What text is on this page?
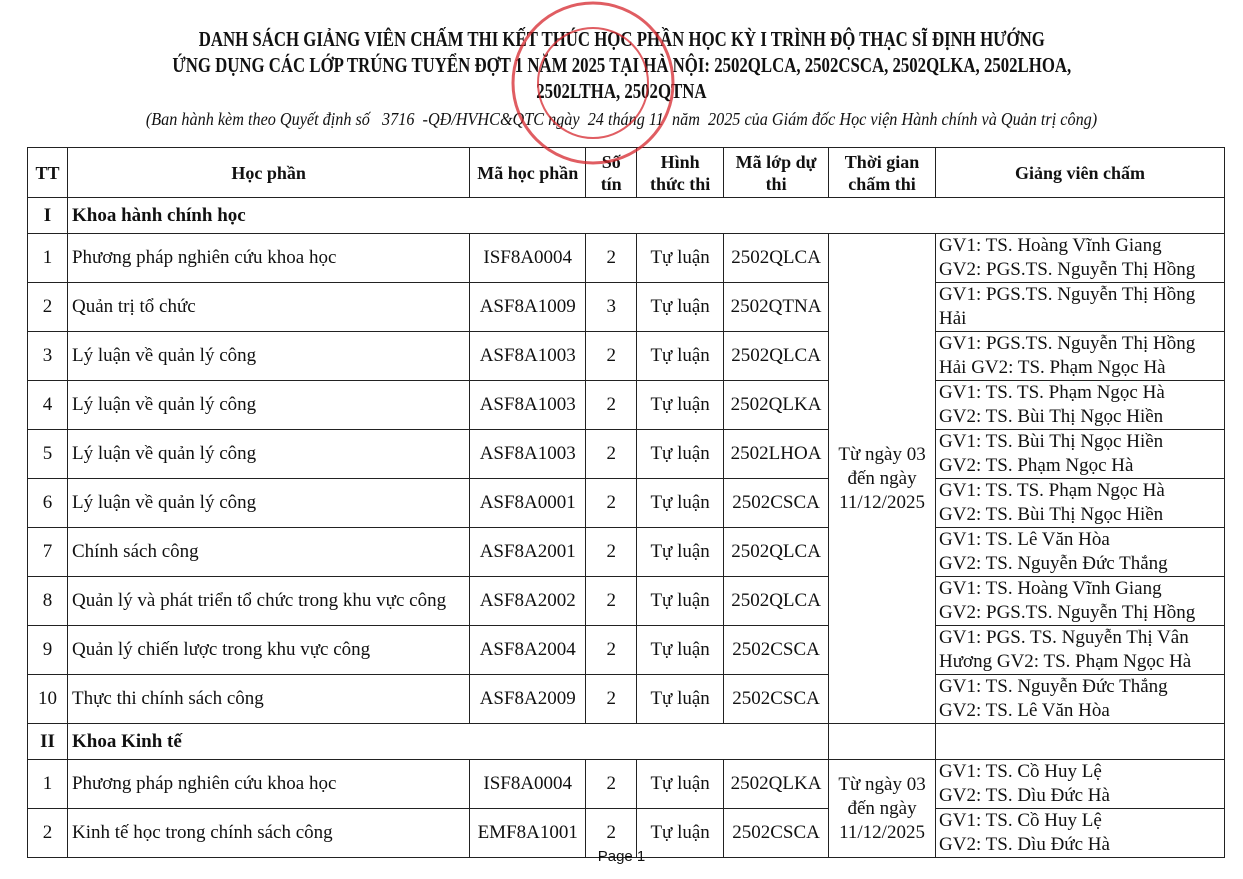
DANH SÁCH GIẢNG VIÊN CHẤM THI KẾT THÚC HỌC PHẦN HỌC KỲ I TRÌNH ĐỘ THẠC SĨ ĐỊNH HƯỚNG
ỨNG DỤNG CÁC LỚP TRÚNG TUYỂN ĐỢT 1 NĂM 2025 TẠI HÀ NỘI: 2502QLCA, 2502CSCA, 2502QLKA, 2502LHOA,
2502LTHA, 2502QTNA
(Ban hành kèm theo Quyết định số   3716  -QĐ/HVHC&QTC ngày  24 tháng 11  năm  2025 của Giám đốc Học viện Hành chính và Quản trị công)
TT	Học phần	Mã học phần	Số tín	Hình thức thi	Mã lớp dự thi	Thời gian chấm thi	Giảng viên chấm
I	Khoa hành chính học						
1	Phương pháp nghiên cứu khoa học	ISF8A0004	2	Tự luận	2502QLCA	Từ ngày 03 đến ngày 11/12/2025	GV1: TS. Hoàng Vĩnh Giang
GV2: PGS.TS. Nguyễn Thị Hồng

2	Quản trị tổ chức	ASF8A1009	3	Tự luận	2502QTNA		GV1: PGS.TS. Nguyễn Thị Hồng
Hải

3	Lý luận về quản lý công	ASF8A1003	2	Tự luận	2502QLCA		GV1: PGS.TS. Nguyễn Thị Hồng
Hải GV2: TS. Phạm Ngọc Hà

4	Lý luận về quản lý công	ASF8A1003	2	Tự luận	2502QLKA		GV1: TS. TS. Phạm Ngọc Hà
GV2: TS. Bùi Thị Ngọc Hiền

5	Lý luận về quản lý công	ASF8A1003	2	Tự luận	2502LHOA		GV1: TS. Bùi Thị Ngọc Hiền
GV2: TS. Phạm Ngọc Hà

6	Lý luận về quản lý công	ASF8A0001	2	Tự luận	2502CSCA		GV1: TS. TS. Phạm Ngọc Hà
GV2: TS. Bùi Thị Ngọc Hiền

7	Chính sách công	ASF8A2001	2	Tự luận	2502QLCA		GV1: TS. Lê Văn Hòa
GV2: TS. Nguyễn Đức Thắng

8	Quản lý và phát triển tổ chức trong khu vực công	ASF8A2002	2	Tự luận	2502QLCA		GV1: TS. Hoàng Vĩnh Giang
GV2: PGS.TS. Nguyễn Thị Hồng

9	Quản lý chiến lược trong khu vực công	ASF8A2004	2	Tự luận	2502CSCA		GV1: PGS. TS. Nguyễn Thị Vân
Hương GV2: TS. Phạm Ngọc Hà

10	Thực thi chính sách công	ASF8A2009	2	Tự luận	2502CSCA		GV1: TS. Nguyễn Đức Thắng
GV2: TS. Lê Văn Hòa

II	Khoa Kinh tế						
1	Phương pháp nghiên cứu khoa học	ISF8A0004	2	Tự luận	2502QLKA	Từ ngày 03 đến ngày 11/12/2025	GV1: TS. Cồ Huy Lệ
GV2: TS. Dìu Đức Hà

2	Kinh tế học trong chính sách công	EMF8A1001	2	Tự luận	2502CSCA		GV1: TS. Cồ Huy Lệ
GV2: TS. Dìu Đức Hà
Page 1
